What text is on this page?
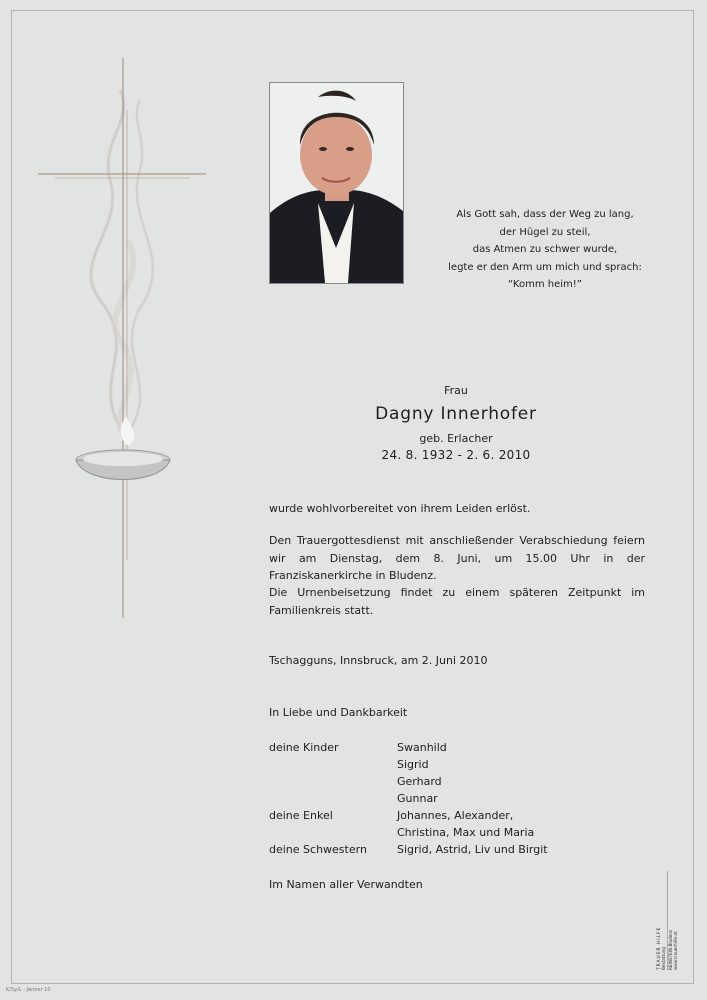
Als Gott sah, dass der Weg zu lang,
der Hügel zu steil,
das Atmen zu schwer wurde,
legte er den Arm um mich und sprach:
“Komm heim!”
Frau
Dagny Innerhofer
geb. Erlacher
24. 8. 1932 - 2. 6. 2010
wurde wohlvorbereitet von ihrem Leiden erlöst.
Den Trauergottesdienst mit anschließender Verabschiedung feiern wir am Dienstag, dem 8. Juni, um 15.00 Uhr in der Franziskanerkirche in Bludenz.
Die Urnenbeisetzung findet zu einem späteren Zeitpunkt im Familienkreis statt.
Tschagguns, Innsbruck, am 2. Juni 2010
In Liebe und Dankbarkeit
deine Kinder	Swanhild
Sigrid
Gerhard
Gunnar
deine Enkel	Johannes, Alexander,
Christina, Max und Maria
deine Schwestern	Sigrid, Astrid, Liv und Birgit
Im Namen aller Verwandten
TRAUER HILFE Bestattung REINSTEIN Bludenz www.trauerhilfe.at
K/Sy/L - Jänner 10
